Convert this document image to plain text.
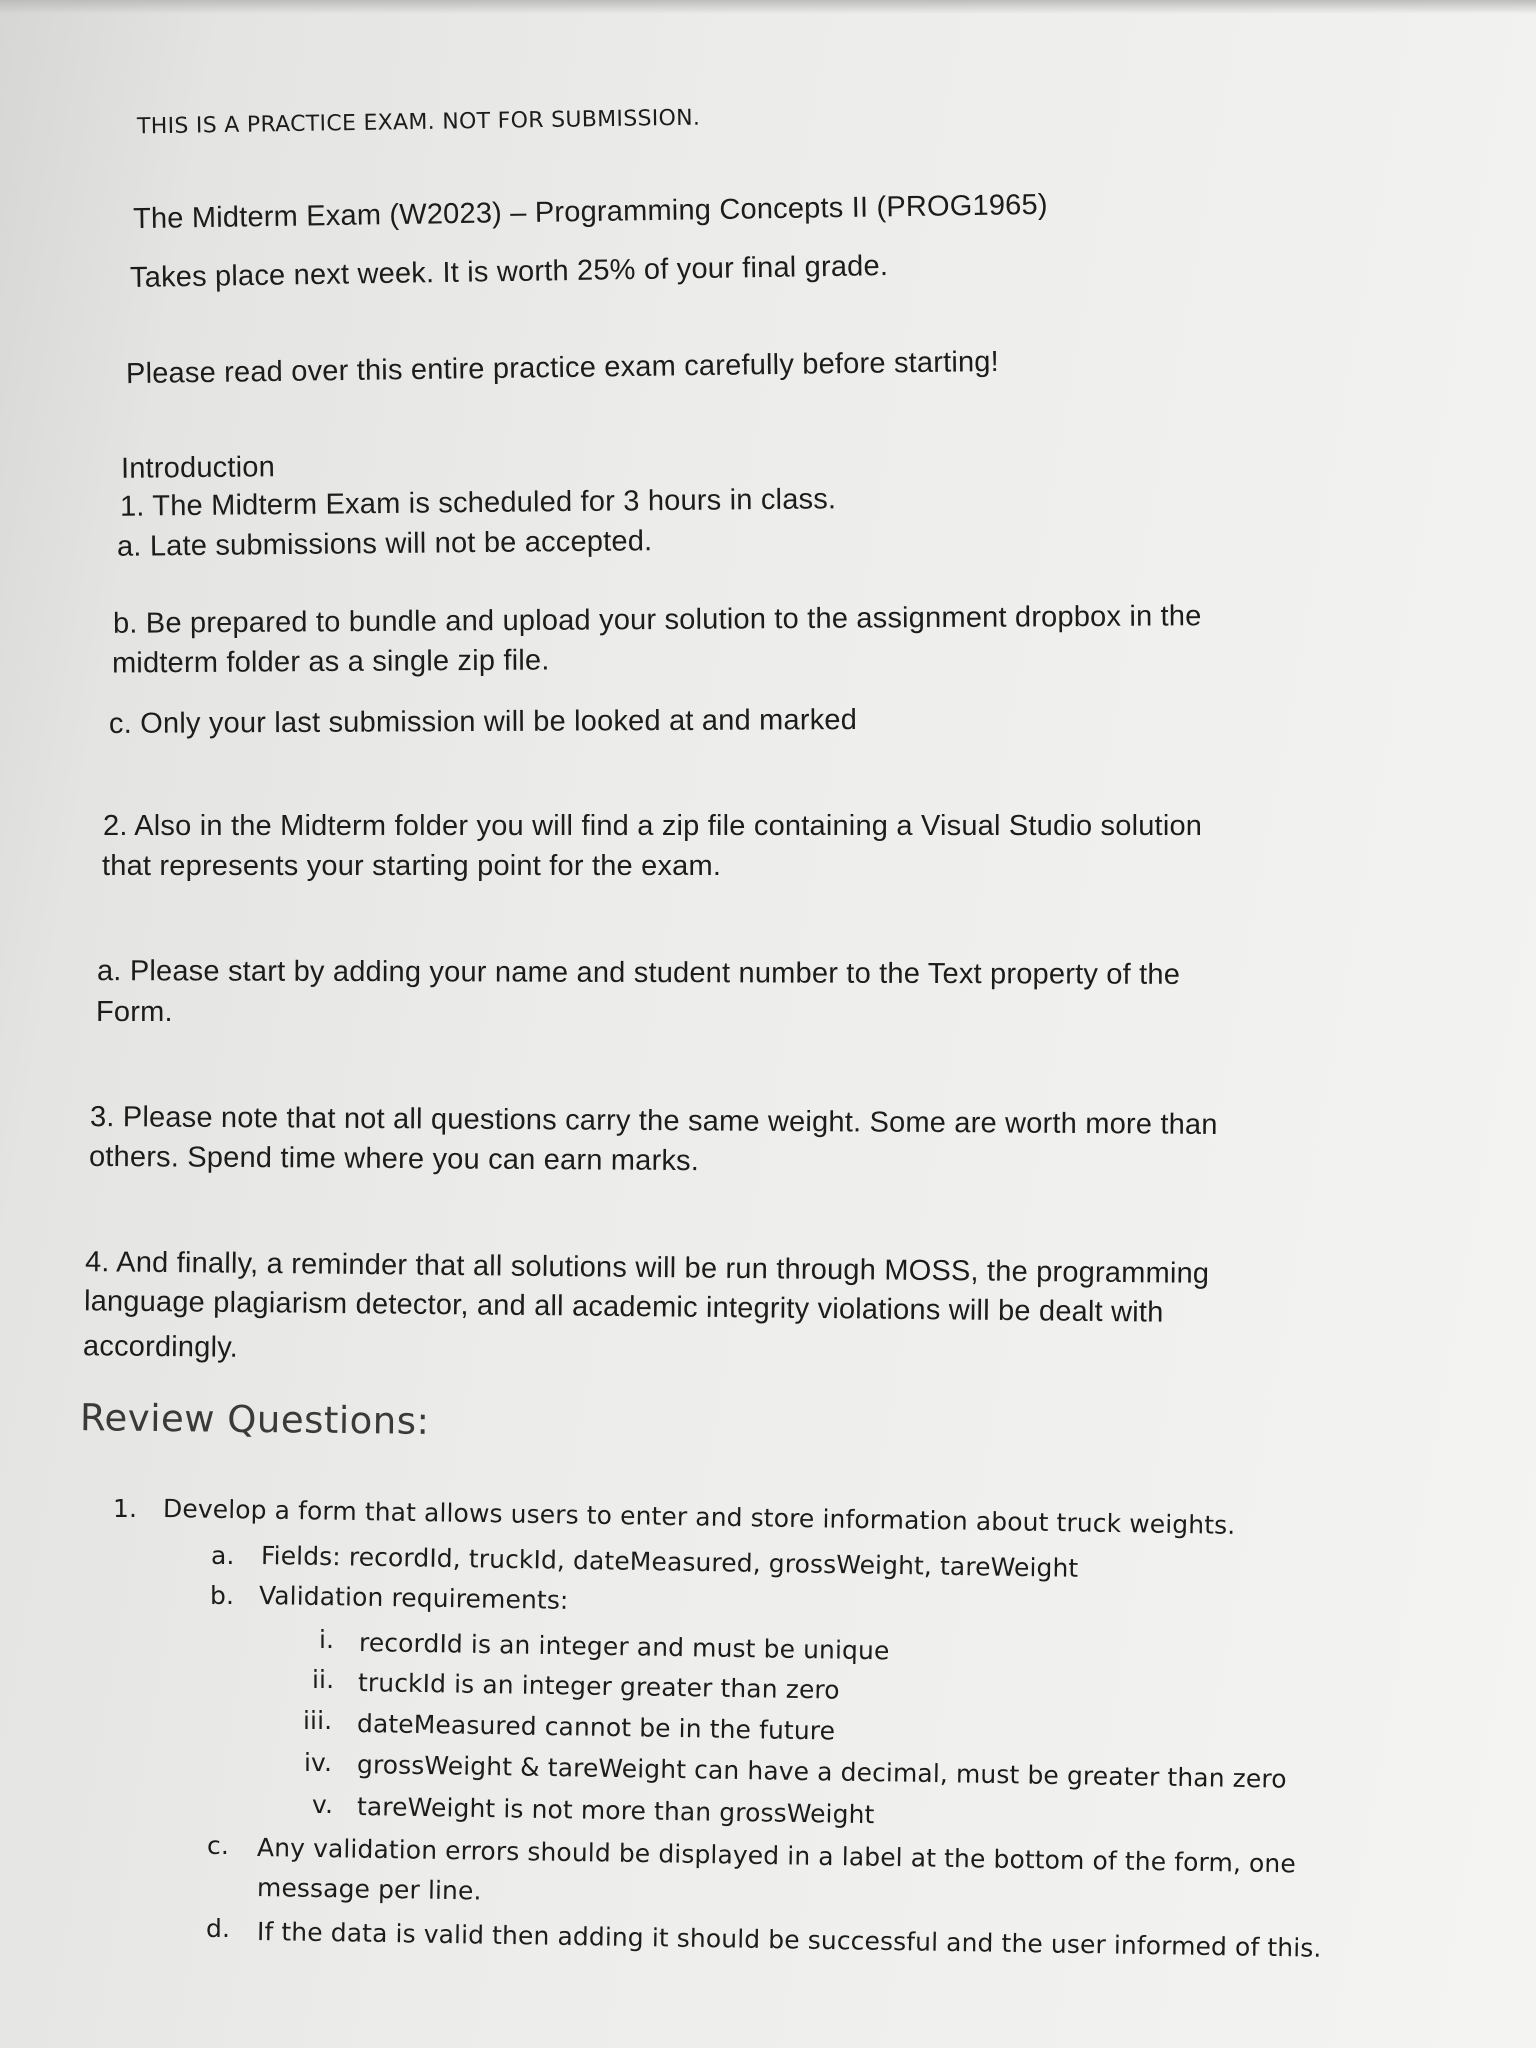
THIS IS A PRACTICE EXAM. NOT FOR SUBMISSION.

The Midterm Exam (W2023) – Programming Concepts II (PROG1965)

Takes place next week. It is worth 25% of your final grade.

Please read over this entire practice exam carefully before starting!

Introduction

1. The Midterm Exam is scheduled for 3 hours in class.

a. Late submissions will not be accepted.

b. Be prepared to bundle and upload your solution to the assignment dropbox in the

midterm folder as a single zip file.

c. Only your last submission will be looked at and marked

2. Also in the Midterm folder you will find a zip file containing a Visual Studio solution

that represents your starting point for the exam.

a. Please start by adding your name and student number to the Text property of the

Form.

3. Please note that not all questions carry the same weight. Some are worth more than

others. Spend time where you can earn marks.

4. And finally, a reminder that all solutions will be run through MOSS, the programming

language plagiarism detector, and all academic integrity violations will be dealt with

accordingly.

Review Questions:

1. Develop a form that allows users to enter and store information about truck weights.

a. Fields: recordId, truckId, dateMeasured, grossWeight, tareWeight

b. Validation requirements:

i. recordId is an integer and must be unique

ii. truckId is an integer greater than zero

iii. dateMeasured cannot be in the future

iv. grossWeight & tareWeight can have a decimal, must be greater than zero

v. tareWeight is not more than grossWeight

c. Any validation errors should be displayed in a label at the bottom of the form, one

message per line.

d. If the data is valid then adding it should be successful and the user informed of this.
